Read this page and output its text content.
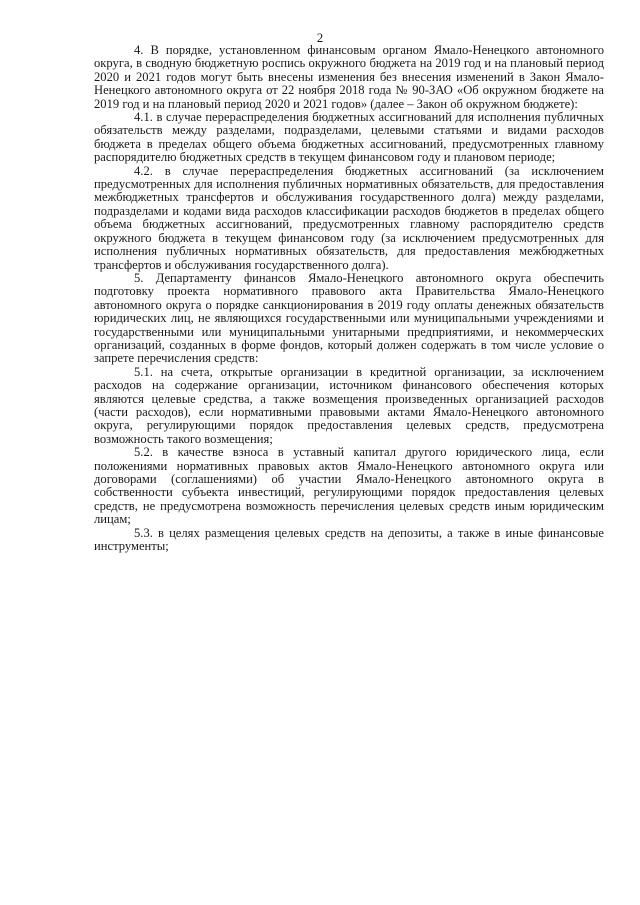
2

4. В порядке, установленном финансовым органом Ямало-Ненецкого автономного округа, в сводную бюджетную роспись окружного бюджета на 2019 год и на плановый период 2020 и 2021 годов могут быть внесены изменения без внесения изменений в Закон Ямало-Ненецкого автономного округа от 22 ноября 2018 года № 90-ЗАО «Об окружном бюджете на 2019 год и на плановый период 2020 и 2021 годов» (далее – Закон об окружном бюджете):

4.1. в случае перераспределения бюджетных ассигнований для исполнения публичных обязательств между разделами, подразделами, целевыми статьями и видами расходов бюджета в пределах общего объема бюджетных ассигнований, предусмотренных главному распорядителю бюджетных средств в текущем финансовом году и плановом периоде;

4.2. в случае перераспределения бюджетных ассигнований (за исключением предусмотренных для исполнения публичных нормативных обязательств, для предоставления межбюджетных трансфертов и обслуживания государственного долга) между разделами, подразделами и кодами вида расходов классификации расходов бюджетов в пределах общего объема бюджетных ассигнований, предусмотренных главному распорядителю средств окружного бюджета в текущем финансовом году (за исключением предусмотренных для исполнения публичных нормативных обязательств, для предоставления межбюджетных трансфертов и обслуживания государственного долга).

5. Департаменту финансов Ямало-Ненецкого автономного округа обеспечить подготовку проекта нормативного правового акта Правительства Ямало-Ненецкого автономного округа о порядке санкционирования в 2019 году оплаты денежных обязательств юридических лиц, не являющихся государственными или муниципальными учреждениями и государственными или муниципальными унитарными предприятиями, и некоммерческих организаций, созданных в форме фондов, который должен содержать в том числе условие о запрете перечисления средств:

5.1. на счета, открытые организации в кредитной организации, за исключением расходов на содержание организации, источником финансового обеспечения которых являются целевые средства, а также возмещения произведенных организацией расходов (части расходов), если нормативными правовыми актами Ямало-Ненецкого автономного округа, регулирующими порядок предоставления целевых средств, предусмотрена возможность такого возмещения;

5.2. в качестве взноса в уставный капитал другого юридического лица, если положениями нормативных правовых актов Ямало-Ненецкого автономного округа или договорами (соглашениями) об участии Ямало-Ненецкого автономного округа в собственности субъекта инвестиций, регулирующими порядок предоставления целевых средств, не предусмотрена возможность перечисления целевых средств иным юридическим лицам;

5.3. в целях размещения целевых средств на депозиты, а также в иные финансовые инструменты;
